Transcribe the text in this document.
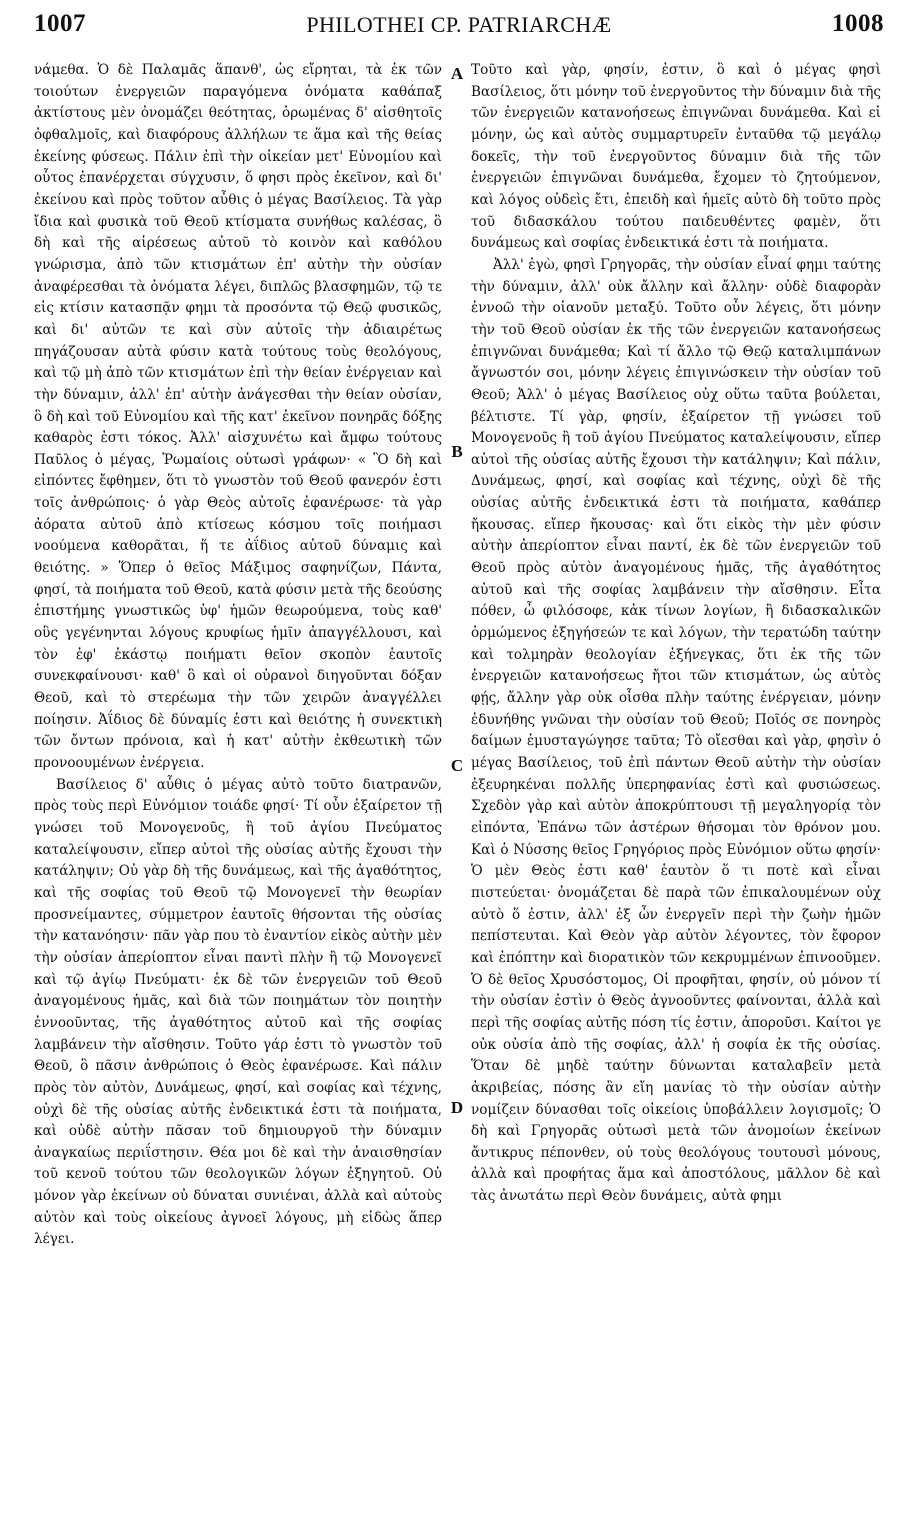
1007	PHILOTHEI CP. PATRIARCHÆ	1008

νάμεθα. Ὁ δὲ Παλαμᾶς ἅπανθ', ὡς εἴρηται, τὰ ἐκ τῶν τοιούτων ἐνεργειῶν παραγόμενα ὀνόματα καθάπαξ ἀκτίστους μὲν ὀνομάζει θεότητας, ὁρωμένας δ' αἰσθητοῖς ὀφθαλμοῖς, καὶ διαφόρους ἀλλήλων τε ἅμα καὶ τῆς θείας ἐκείνης φύσεως. Πάλιν ἐπὶ τὴν οἰκείαν μετ' Εὐνομίου καὶ οὗτος ἐπανέρχεται σύγχυσιν, ὅ φησι πρὸς ἐκεῖνον, καὶ δι' ἐκείνου καὶ πρὸς τοῦτον αὖθις ὁ μέγας Βασίλειος. Τὰ γὰρ ἴδια καὶ φυσικὰ τοῦ Θεοῦ κτίσματα συνήθως καλέσας, ὃ δὴ καὶ τῆς αἱρέσεως αὐτοῦ τὸ κοινὸν καὶ καθόλου γνώρισμα, ἀπὸ τῶν κτισμάτων ἐπ' αὐτὴν τὴν οὐσίαν ἀναφέρεσθαι τὰ ὀνόματα λέγει, διπλῶς βλασφημῶν, τῷ τε εἰς κτίσιν κατασπᾷν φημι τὰ προσόντα τῷ Θεῷ φυσικῶς, καὶ δι' αὐτῶν τε καὶ σὺν αὐτοῖς τὴν ἀδιαιρέτως πηγάζουσαν αὐτὰ φύσιν κατὰ τούτους τοὺς θεολόγους, καὶ τῷ μὴ ἀπὸ τῶν κτισμάτων ἐπὶ τὴν θείαν ἐνέργειαν καὶ τὴν δύναμιν, ἀλλ' ἐπ' αὐτὴν ἀνάγεσθαι τὴν θείαν οὐσίαν, ὃ δὴ καὶ τοῦ Εὐνομίου καὶ τῆς κατ' ἐκεῖνον πονηρᾶς δόξης καθαρὸς ἐστι τόκος. Ἀλλ' αἰσχυνέτω καὶ ἄμφω τούτους Παῦλος ὁ μέγας, Ῥωμαίοις οὑτωσὶ γράφων· « Ὃ δὴ καὶ εἰπόντες ἔφθημεν, ὅτι τὸ γνωστὸν τοῦ Θεοῦ φανερόν ἐστι τοῖς ἀνθρώποις· ὁ γὰρ Θεὸς αὐτοῖς ἐφανέρωσε· τὰ γὰρ ἀόρατα αὐτοῦ ἀπὸ κτίσεως κόσμου τοῖς ποιήμασι νοούμενα καθορᾶται, ἥ τε ἀΐδιος αὐτοῦ δύναμις καὶ θειότης. » Ὅπερ ὁ θεῖος Μάξιμος σαφηνίζων, Πάντα, φησί, τὰ ποιήματα τοῦ Θεοῦ, κατὰ φύσιν μετὰ τῆς δεούσης ἐπιστήμης γνωστικῶς ὑφ' ἡμῶν θεωρούμενα, τοὺς καθ' οὓς γεγένηνται λόγους κρυφίως ἡμῖν ἀπαγγέλλουσι, καὶ τὸν ἐφ' ἑκάστῳ ποιήματι θεῖον σκοπὸν ἑαυτοῖς συνεκφαίνουσι· καθ' ὃ καὶ οἱ οὐρανοὶ διηγοῦνται δόξαν Θεοῦ, καὶ τὸ στερέωμα τὴν τῶν χειρῶν ἀναγγέλλει ποίησιν. Ἀΐδιος δὲ δύναμίς ἐστι καὶ θειότης ἡ συνεκτικὴ τῶν ὄντων πρόνοια, καὶ ἡ κατ' αὐτὴν ἐκθεωτικὴ τῶν προνοουμένων ἐνέργεια.

Βασίλειος δ' αὖθις ὁ μέγας αὐτὸ τοῦτο διατρανῶν, πρὸς τοὺς περὶ Εὐνόμιον τοιάδε φησί· Τί οὖν ἐξαίρετον τῇ γνώσει τοῦ Μονογενοῦς, ἢ τοῦ ἁγίου Πνεύματος καταλείψουσιν, εἴπερ αὐτοὶ τῆς οὐσίας αὐτῆς ἔχουσι τὴν κατάληψιν; Οὐ γὰρ δὴ τῆς δυνάμεως, καὶ τῆς ἀγαθότητος, καὶ τῆς σοφίας τοῦ Θεοῦ τῷ Μονογενεῖ τὴν θεωρίαν προσνείμαντες, σύμμετρον ἑαυτοῖς θήσονται τῆς οὐσίας τὴν κατανόησιν· πᾶν γὰρ που τὸ ἐναντίον εἰκὸς αὐτὴν μὲν τὴν οὐσίαν ἀπερίοπτον εἶναι παντὶ πλὴν ἢ τῷ Μονογενεῖ καὶ τῷ ἁγίῳ Πνεύματι· ἐκ δὲ τῶν ἐνεργειῶν τοῦ Θεοῦ ἀναγομένους ἡμᾶς, καὶ διὰ τῶν ποιημάτων τὸν ποιητὴν ἐννοοῦντας, τῆς ἀγαθότητος αὐτοῦ καὶ τῆς σοφίας λαμβάνειν τὴν αἴσθησιν. Τοῦτο γάρ ἐστι τὸ γνωστὸν τοῦ Θεοῦ, ὃ πᾶσιν ἀνθρώποις ὁ Θεὸς ἐφανέρωσε. Καὶ πάλιν πρὸς τὸν αὐτὸν, Δυνάμεως, φησί, καὶ σοφίας καὶ τέχνης, οὐχὶ δὲ τῆς οὐσίας αὐτῆς ἐνδεικτικά ἐστι τὰ ποιήματα, καὶ οὐδὲ αὐτὴν πᾶσαν τοῦ δημιουργοῦ τὴν δύναμιν ἀναγκαίως περιΐστησιν. Θέα μοι δὲ καὶ τὴν ἀναισθησίαν τοῦ κενοῦ τούτου τῶν θεολογικῶν λόγων ἐξηγητοῦ. Οὐ μόνον γὰρ ἐκείνων οὐ δύναται συνιέναι, ἀλλὰ καὶ αὐτοὺς αὐτὸν καὶ τοὺς οἰκείους ἀγνοεῖ λόγους, μὴ εἰδὼς ἅπερ λέγει.

A
B
C
D

Τοῦτο καὶ γὰρ, φησίν, ἐστιν, ὃ καὶ ὁ μέγας φησὶ Βασίλειος, ὅτι μόνην τοῦ ἐνεργοῦντος τὴν δύναμιν διὰ τῆς τῶν ἐνεργειῶν κατανοήσεως ἐπιγνῶναι δυνάμεθα. Καὶ εἰ μόνην, ὡς καὶ αὐτὸς συμμαρτυρεῖν ἐνταῦθα τῷ μεγάλῳ δοκεῖς, τὴν τοῦ ἐνεργοῦντος δύναμιν διὰ τῆς τῶν ἐνεργειῶν ἐπιγνῶναι δυνάμεθα, ἔχομεν τὸ ζητούμενον, καὶ λόγος οὐδεὶς ἔτι, ἐπειδὴ καὶ ἡμεῖς αὐτὸ δὴ τοῦτο πρὸς τοῦ διδασκάλου τούτου παιδευθέντες φαμὲν, ὅτι δυνάμεως καὶ σοφίας ἐνδεικτικά ἐστι τὰ ποιήματα.

Ἀλλ' ἐγὼ, φησὶ Γρηγορᾶς, τὴν οὐσίαν εἶναί φημι ταύτης τὴν δύναμιν, ἀλλ' οὐκ ἄλλην καὶ ἄλλην· οὐδὲ διαφορὰν ἐννοῶ τὴν οἱανοῦν μεταξύ. Τοῦτο οὖν λέγεις, ὅτι μόνην τὴν τοῦ Θεοῦ οὐσίαν ἐκ τῆς τῶν ἐνεργειῶν κατανοήσεως ἐπιγνῶναι δυνάμεθα; Καὶ τί ἄλλο τῷ Θεῷ καταλιμπάνων ἄγνωστόν σοι, μόνην λέγεις ἐπιγινώσκειν τὴν οὐσίαν τοῦ Θεοῦ; Ἀλλ' ὁ μέγας Βασίλειος οὐχ οὕτω ταῦτα βούλεται, βέλτιστε. Τί γὰρ, φησίν, ἐξαίρετον τῇ γνώσει τοῦ Μονογενοῦς ἢ τοῦ ἁγίου Πνεύματος καταλείψουσιν, εἴπερ αὐτοὶ τῆς οὐσίας αὐτῆς ἔχουσι τὴν κατάληψιν; Καὶ πάλιν, Δυνάμεως, φησί, καὶ σοφίας καὶ τέχνης, οὐχὶ δὲ τῆς οὐσίας αὐτῆς ἐνδεικτικά ἐστι τὰ ποιήματα, καθάπερ ἤκουσας. εἴπερ ἤκουσας· καὶ ὅτι εἰκὸς τὴν μὲν φύσιν αὐτὴν ἀπερίοπτον εἶναι παντί, ἐκ δὲ τῶν ἐνεργειῶν τοῦ Θεοῦ πρὸς αὐτὸν ἀναγομένους ἡμᾶς, τῆς ἀγαθότητος αὐτοῦ καὶ τῆς σοφίας λαμβάνειν τὴν αἴσθησιν. Εἶτα πόθεν, ὦ φιλόσοφε, κἀκ τίνων λογίων, ἢ διδασκαλικῶν ὁρμώμενος ἐξηγήσεών τε καὶ λόγων, τὴν τερατώδη ταύτην καὶ τολμηρὰν θεολογίαν ἐξήνεγκας, ὅτι ἐκ τῆς τῶν ἐνεργειῶν κατανοήσεως ἤτοι τῶν κτισμάτων, ὡς αὐτὸς φῄς, ἄλλην γὰρ οὐκ οἶσθα πλὴν ταύτης ἐνέργειαν, μόνην ἐδυνήθης γνῶναι τὴν οὐσίαν τοῦ Θεοῦ; Ποῖός σε πονηρὸς δαίμων ἐμυσταγώγησε ταῦτα; Τὸ οἴεσθαι καὶ γὰρ, φησὶν ὁ μέγας Βασίλειος, τοῦ ἐπὶ πάντων Θεοῦ αὐτὴν τὴν οὐσίαν ἐξευρηκέναι πολλῆς ὑπερηφανίας ἐστὶ καὶ φυσιώσεως. Σχεδὸν γὰρ καὶ αὐτὸν ἀποκρύπτουσι τῇ μεγαληγορίᾳ τὸν εἰπόντα, Ἐπάνω τῶν ἀστέρων θήσομαι τὸν θρόνον μου. Καὶ ὁ Νύσσης θεῖος Γρηγόριος πρὸς Εὐνόμιον οὕτω φησίν· Ὁ μὲν Θεὸς ἐστι καθ' ἑαυτὸν ὅ τι ποτὲ καὶ εἶναι πιστεύεται· ὀνομάζεται δὲ παρὰ τῶν ἐπικαλουμένων οὐχ αὐτὸ ὅ ἐστιν, ἀλλ' ἐξ ὧν ἐνεργεῖν περὶ τὴν ζωὴν ἡμῶν πεπίστευται. Καὶ Θεὸν γὰρ αὐτὸν λέγοντες, τὸν ἔφορον καὶ ἐπόπτην καὶ διορατικὸν τῶν κεκρυμμένων ἐπινοοῦμεν. Ὁ δὲ θεῖος Χρυσόστομος, Οἱ προφῆται, φησίν, οὐ μόνον τί τὴν οὐσίαν ἐστὶν ὁ Θεὸς ἀγνοοῦντες φαίνονται, ἀλλὰ καὶ περὶ τῆς σοφίας αὐτῆς πόση τίς ἐστιν, ἀποροῦσι. Καίτοι γε οὐκ οὐσία ἀπὸ τῆς σοφίας, ἀλλ' ἡ σοφία ἐκ τῆς οὐσίας. Ὅταν δὲ μηδὲ ταύτην δύνωνται καταλαβεῖν μετὰ ἀκριβείας, πόσης ἂν εἴη μανίας τὸ τὴν οὐσίαν αὐτὴν νομίζειν δύνασθαι τοῖς οἰκείοις ὑποβάλλειν λογισμοῖς; Ὁ δὴ καὶ Γρηγορᾶς οὑτωσὶ μετὰ τῶν ἀνομοίων ἐκείνων ἄντικρυς πέπονθεν, οὐ τοὺς θεολόγους τουτουσὶ μόνους, ἀλλὰ καὶ προφήτας ἅμα καὶ ἀποστόλους, μᾶλλον δὲ καὶ τὰς ἀνωτάτω περὶ Θεὸν δυνάμεις, αὐτὰ φημι
